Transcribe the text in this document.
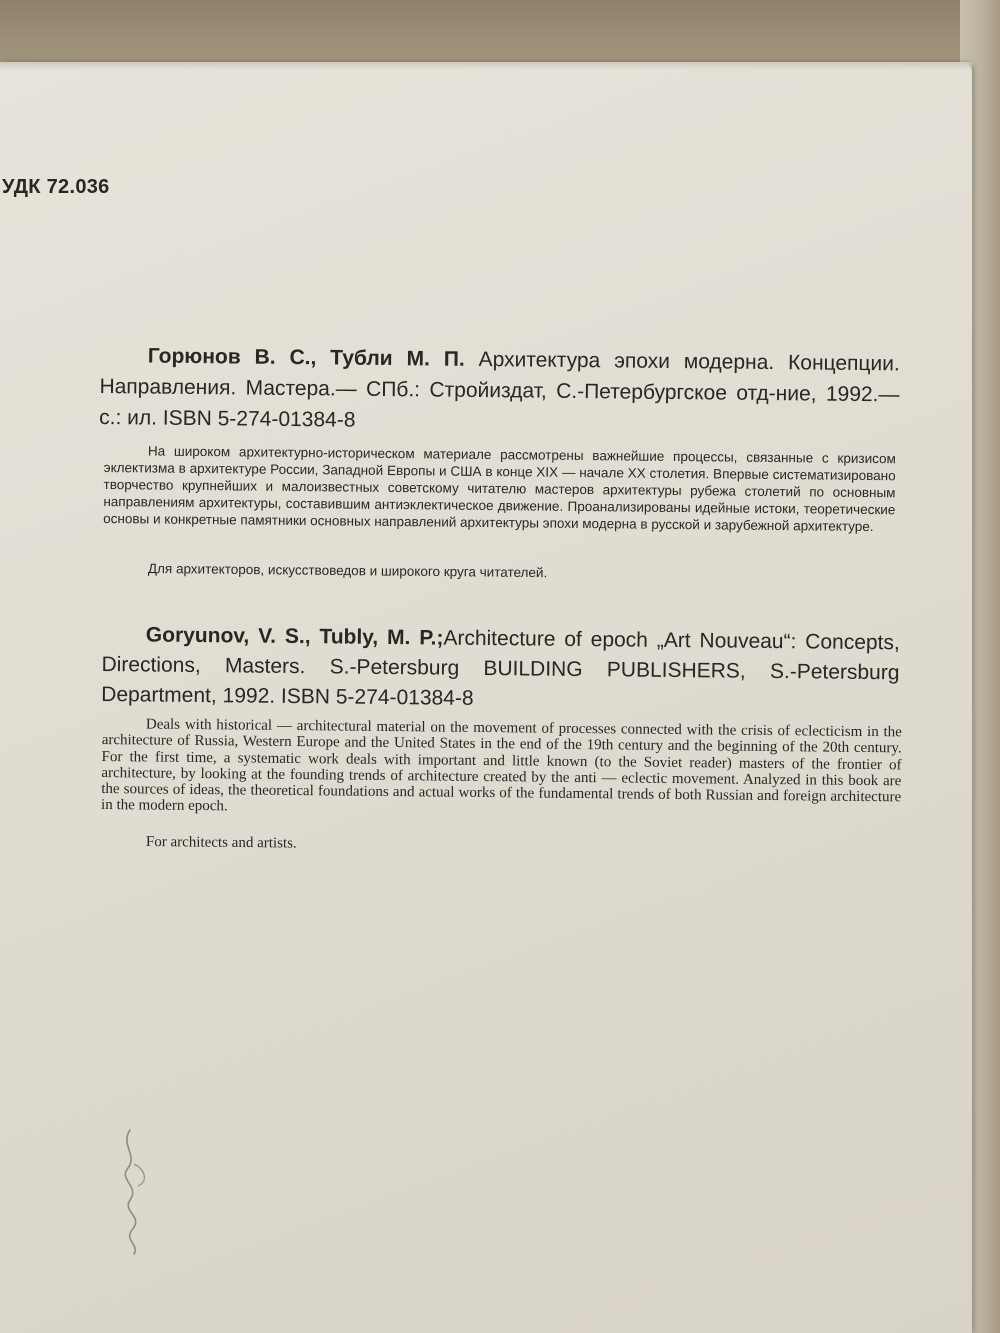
УДК 72.036
Горюнов В. С., Тубли М. П. Архитектура эпохи модерна. Концепции. Направления. Мастера.— СПб.: Стройиздат, С.-Петербургское отд-ние, 1992.— с.: ил. ISBN 5-274-01384-8
На широком архитектурно-историческом материале рассмотрены важнейшие процессы, связанные с кризисом эклектизма в архитектуре России, Западной Европы и США в конце XIX — начале XX столетия. Впервые систематизировано творчество крупнейших и малоизвестных советскому читателю мастеров архитектуры рубежа столетий по основным направлениям архитектуры, составившим антиэклектическое движение. Проанализированы идейные истоки, теоретические основы и конкретные памятники основных направлений архитектуры эпохи модерна в русской и зарубежной архитектуре.
Для архитекторов, искусствоведов и широкого круга читателей.
Goryunov, V. S., Tubly, M. P.;Architecture of epoch „Art Nouveau“: Concepts, Directions, Masters. S.-Petersburg BUILDING PUBLISHERS, S.-Petersburg Department, 1992. ISBN 5-274-01384-8
Deals with historical — architectural material on the movement of processes connected with the crisis of eclecticism in the architecture of Russia, Western Europe and the United States in the end of the 19th century and the beginning of the 20th century. For the first time, a systematic work deals with important and little known (to the Soviet reader) masters of the frontier of architecture, by looking at the founding trends of architecture created by the anti — eclectic movement. Analyzed in this book are the sources of ideas, the theoretical foundations and actual works of the fundamental trends of both Russian and foreign architecture in the modern epoch.
For architects and artists.
